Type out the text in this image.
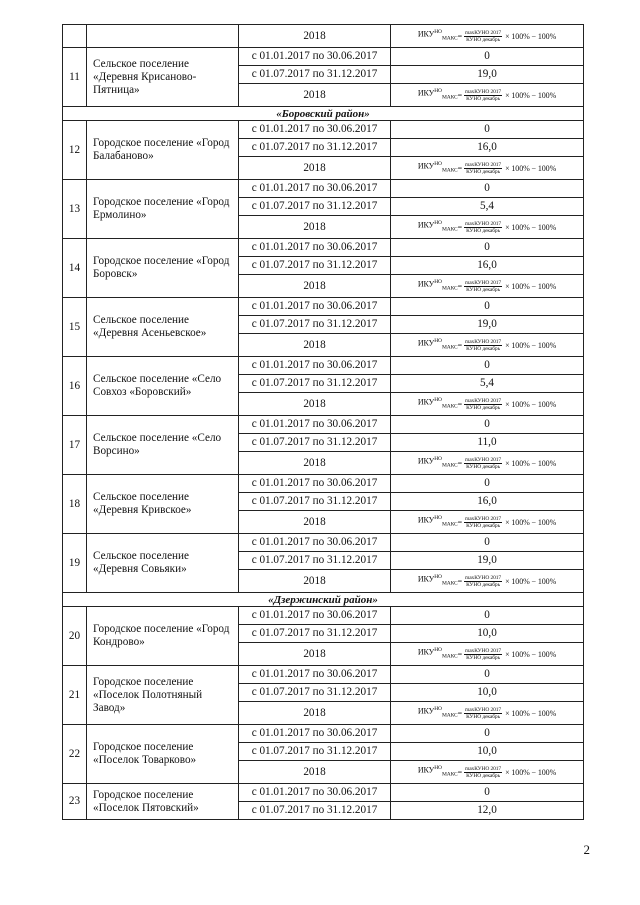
		2018	$ИКУ^{НО}_{МАКС} = \frac{\text{maxКУНО 2017}}{\text{КУНО декабрь}} \times 100\% - 100\%$

11	Сельское поселение «Деревня Крисаново-Пятница»	с 01.01.2017 по 30.06.2017	0
		с 01.07.2017 по 31.12.2017	19,0
		2018	$ИКУ^{НО}_{МАКС} = \frac{\text{maxКУНО 2017}}{\text{КУНО декабрь}} \times 100\% - 100\%$

«Боровский район»			
12	Городское поселение «Город Балабаново»	с 01.01.2017 по 30.06.2017	0
		с 01.07.2017 по 31.12.2017	16,0
		2018	$ИКУ^{НО}_{МАКС} = \frac{\text{maxКУНО 2017}}{\text{КУНО декабрь}} \times 100\% - 100\%$

13	Городское поселение «Город Ермолино»	с 01.01.2017 по 30.06.2017	0
		с 01.07.2017 по 31.12.2017	5,4
		2018	$ИКУ^{НО}_{МАКС} = \frac{\text{maxКУНО 2017}}{\text{КУНО декабрь}} \times 100\% - 100\%$

14	Городское поселение «Город Боровск»	с 01.01.2017 по 30.06.2017	0
		с 01.07.2017 по 31.12.2017	16,0
		2018	$ИКУ^{НО}_{МАКС} = \frac{\text{maxКУНО 2017}}{\text{КУНО декабрь}} \times 100\% - 100\%$

15	Сельское поселение «Деревня Асеньевское»	с 01.01.2017 по 30.06.2017	0
		с 01.07.2017 по 31.12.2017	19,0
		2018	$ИКУ^{НО}_{МАКС} = \frac{\text{maxКУНО 2017}}{\text{КУНО декабрь}} \times 100\% - 100\%$

16	Сельское поселение «Село Совхоз «Боровский»	с 01.01.2017 по 30.06.2017	0
		с 01.07.2017 по 31.12.2017	5,4
		2018	$ИКУ^{НО}_{МАКС} = \frac{\text{maxКУНО 2017}}{\text{КУНО декабрь}} \times 100\% - 100\%$

17	Сельское поселение «Село Ворсино»	с 01.01.2017 по 30.06.2017	0
		с 01.07.2017 по 31.12.2017	11,0
		2018	$ИКУ^{НО}_{МАКС} = \frac{\text{maxКУНО 2017}}{\text{КУНО декабрь}} \times 100\% - 100\%$

18	Сельское поселение «Деревня Кривское»	с 01.01.2017 по 30.06.2017	0
		с 01.07.2017 по 31.12.2017	16,0
		2018	$ИКУ^{НО}_{МАКС} = \frac{\text{maxКУНО 2017}}{\text{КУНО декабрь}} \times 100\% - 100\%$

19	Сельское поселение «Деревня Совьяки»	с 01.01.2017 по 30.06.2017	0
		с 01.07.2017 по 31.12.2017	19,0
		2018	$ИКУ^{НО}_{МАКС} = \frac{\text{maxКУНО 2017}}{\text{КУНО декабрь}} \times 100\% - 100\%$

«Дзержинский район»			
20	Городское поселение «Город Кондрово»	с 01.01.2017 по 30.06.2017	0
		с 01.07.2017 по 31.12.2017	10,0
		2018	$ИКУ^{НО}_{МАКС} = \frac{\text{maxКУНО 2017}}{\text{КУНО декабрь}} \times 100\% - 100\%$

21	Городское поселение «Поселок Полотняный Завод»	с 01.01.2017 по 30.06.2017	0
		с 01.07.2017 по 31.12.2017	10,0
		2018	$ИКУ^{НО}_{МАКС} = \frac{\text{maxКУНО 2017}}{\text{КУНО декабрь}} \times 100\% - 100\%$

22	Городское поселение «Поселок Товарково»	с 01.01.2017 по 30.06.2017	0
		с 01.07.2017 по 31.12.2017	10,0
		2018	$ИКУ^{НО}_{МАКС} = \frac{\text{maxКУНО 2017}}{\text{КУНО декабрь}} \times 100\% - 100\%$

23	Городское поселение «Поселок Пятовский»	с 01.01.2017 по 30.06.2017	0
		с 01.07.2017 по 31.12.2017	12,0
2
